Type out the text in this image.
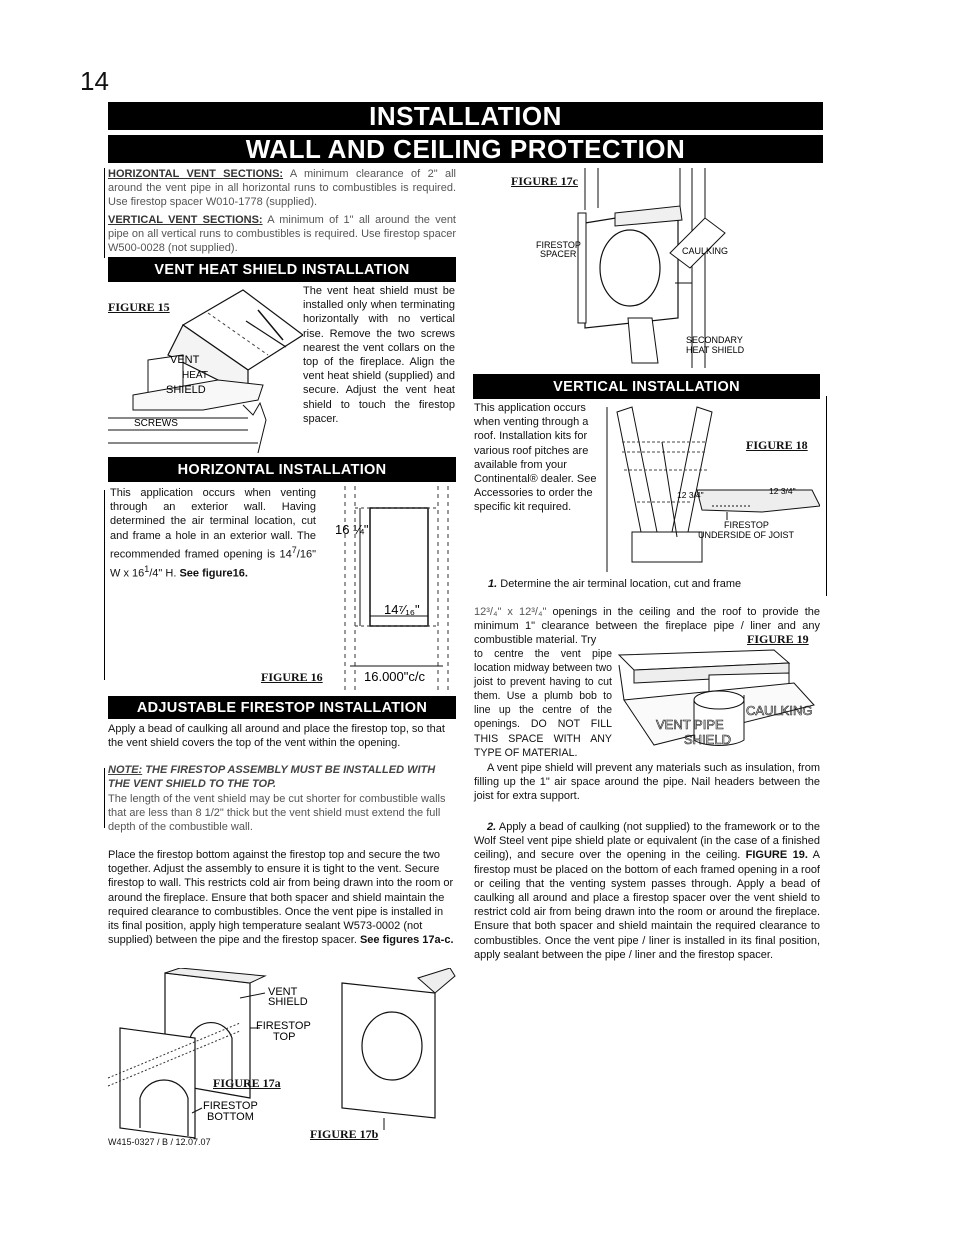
14
INSTALLATION
WALL AND CEILING PROTECTION
HORIZONTAL VENT SECTIONS: A minimum clearance of 2" all around the vent pipe in all horizontal runs to combustibles is required. Use firestop spacer W010-1778 (supplied).
VERTICAL VENT SECTIONS: A minimum of 1" all around the vent pipe on all vertical runs to combustibles is required. Use firestop spacer W500-0028 (not supplied).
VENT HEAT SHIELD INSTALLATION
FIGURE 15
The vent heat shield must be installed only when terminating horizontally with no vertical rise. Remove the two screws nearest the vent collars on the top of the fireplace. Align the vent heat shield (supplied) and secure. Adjust the vent heat shield to touch the firestop spacer.
VENT
HEAT
SHIELD
SCREWS
HORIZONTAL INSTALLATION
This application occurs when venting through an exterior wall. Having determined the air terminal location, cut and frame a hole in an exterior wall. The recommended framed opening is $14^7/16$" W x $16^1/4$" H. See figure16.
FIGURE 16
16 ¼"
14⁷⁄₁₆"
16.000"c/c
ADJUSTABLE FIRESTOP INSTALLATION
Apply a bead of caulking all around and place the firestop top, so that the vent shield covers the top of the vent within the opening.
NOTE: THE FIRESTOP ASSEMBLY MUST BE INSTALLED WITH THE VENT SHIELD TO THE TOP.
The length of the vent shield may be cut shorter for combustible walls that are less than 8 1/2" thick but the vent shield must extend the full depth of the combustible wall.
Place the firestop bottom against the firestop top and secure the two together. Adjust the assembly to ensure it is tight to the vent. Secure firestop to wall. This restricts cold air from being drawn into the room or around the fireplace. Ensure that both spacer and shield maintain the required clearance to combustibles. Once the vent pipe is installed in its final position, apply high temperature sealant W573-0002 (not supplied) between the pipe and the firestop spacer. See figures 17a-c.
VENT
SHIELD
FIRESTOP
TOP
FIRESTOP
BOTTOM
FIGURE 17a
FIGURE 17b
W415-0327 / B / 12.07.07
FIGURE 17c
FIRESTOP
SPACER	CAULKING
SECONDARY
HEAT SHIELD
VERTICAL INSTALLATION
This application occurs when venting through a roof. Installation kits for various roof pitches are available from your Continental® dealer. See Accessories to order the specific kit required.
FIGURE 18
12 3/4"	12 3/4"
FIRESTOP
UNDERSIDE OF JOIST
1. Determine the air terminal location, cut and frame
12³/₄" x 12³/₄" openings in the ceiling and the roof to provide the minimum 1" clearance between the fireplace pipe / liner and any combustible material. Try
to centre the vent pipe location midway between two joist to prevent having to cut them. Use a plumb bob to line up the centre of the openings. DO NOT FILL THIS SPACE WITH ANY TYPE OF MATERIAL.
FIGURE 19
VENT PIPE
SHIELD
CAULKING
A vent pipe shield will prevent any materials such as insulation, from filling up the 1" air space around the pipe. Nail headers between the joist for extra support.
2. Apply a bead of caulking (not supplied) to the framework or to the Wolf Steel vent pipe shield plate or equivalent (in the case of a finished ceiling), and secure over the opening in the ceiling. FIGURE 19. A firestop must be placed on the bottom of each framed opening in a roof or ceiling that the venting system passes through. Apply a bead of caulking all around and place a firestop spacer over the vent shield to restrict cold air from being drawn into the room or around the fireplace. Ensure that both spacer and shield maintain the required clearance to combustibles. Once the vent pipe / liner is installed in its final position, apply sealant between the pipe / liner and the firestop spacer.
